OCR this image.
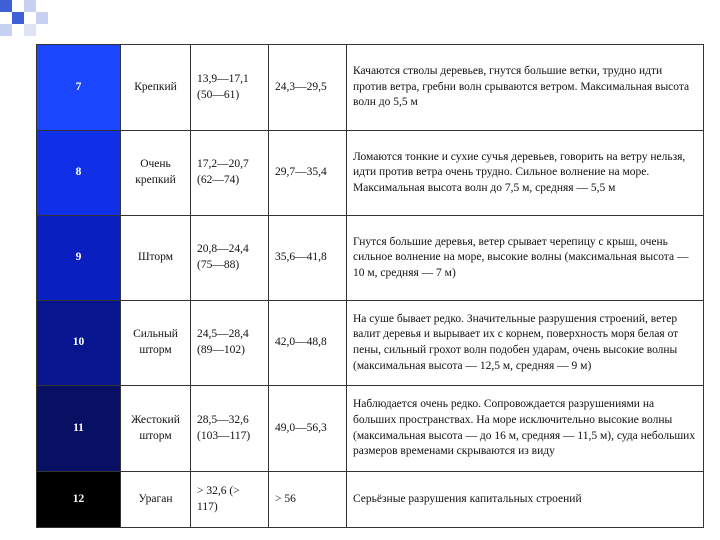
7	Крепкий	13,9—17,1 (50—61)	24,3—29,5	Качаются стволы деревьев, гнутся большие ветки, трудно идти против ветра, гребни волн срываются ветром. Максимальная высота волн до 5,5 м
8	Очень крепкий	17,2—20,7 (62—74)	29,7—35,4	Ломаются тонкие и сухие сучья деревьев, говорить на ветру нельзя, идти против ветра очень трудно. Сильное волнение на море. Максимальная высота волн до 7,5 м, средняя — 5,5 м
9	Шторм	20,8—24,4 (75—88)	35,6—41,8	Гнутся большие деревья, ветер срывает черепицу с крыш, очень сильное волнение на море, высокие волны (максимальная высота — 10 м, средняя — 7 м)
10	Сильный шторм	24,5—28,4 (89—102)	42,0—48,8	На суше бывает редко. Значительные разрушения строений, ветер валит деревья и вырывает их с корнем, поверхность моря белая от пены, сильный грохот волн подобен ударам, очень высокие волны (максимальная высота — 12,5 м, средняя — 9 м)
11	Жестокий шторм	28,5—32,6 (103—117)	49,0—56,3	Наблюдается очень редко. Сопровождается разрушениями на больших пространствах. На море исключительно высокие волны (максимальная высота — до 16 м, средняя — 11,5 м), суда небольших размеров временами скрываются из виду
12	Ураган	> 32,6 (> 117)	> 56	Серьёзные разрушения капитальных строений
